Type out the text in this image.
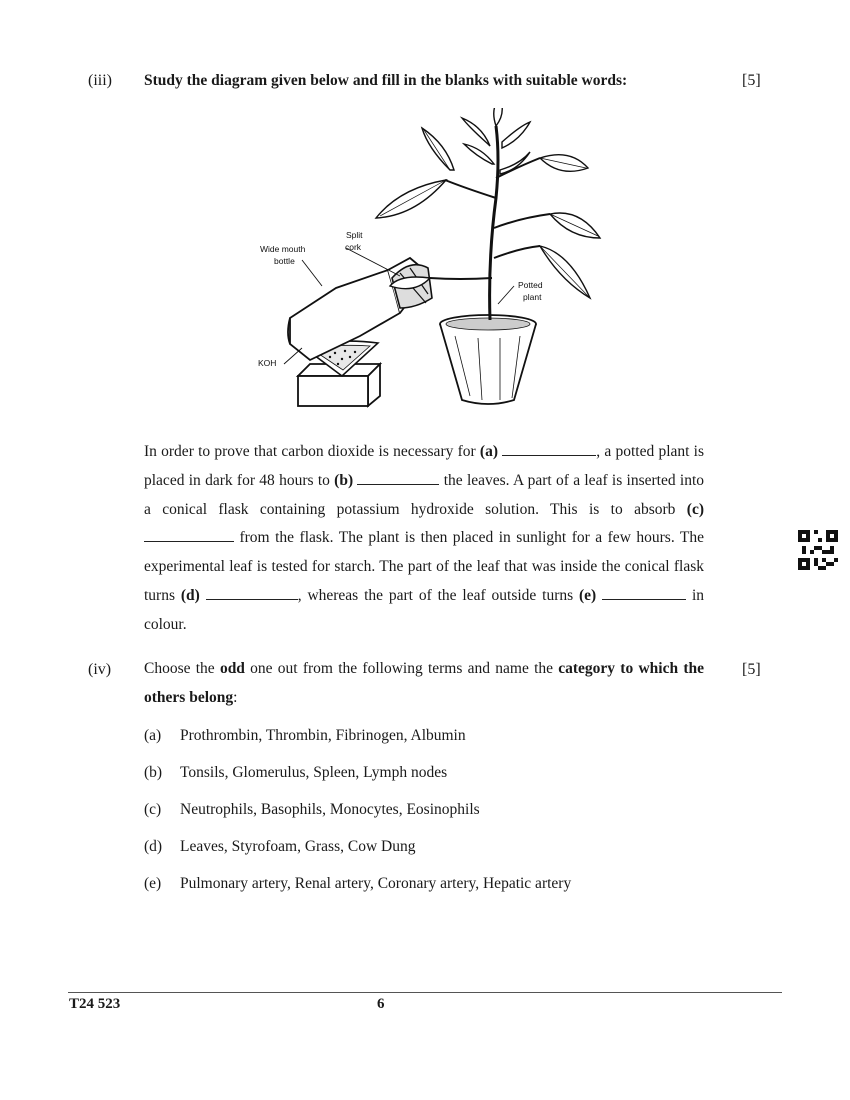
(iii) Study the diagram given below and fill in the blanks with suitable words:	[5]
Split
cork
Wide mouth
bottle
Potted
plant
KOH
In order to prove that carbon dioxide is necessary for (a)	, a potted plant is placed in dark for 48 hours to (b)	the leaves. A part of a leaf is inserted into a conical flask containing potassium hydroxide solution. This is to absorb (c)  from the flask. The plant is then placed in sunlight for a few hours. The experimental leaf is tested for starch. The part of the leaf that was inside the conical flask turns (d)	, whereas the part of the leaf outside turns (e)	in colour.
(iv)	[5]
Choose the odd one out from the following terms and name the category to which the others belong:
(a) Prothrombin, Thrombin, Fibrinogen, Albumin
(b) Tonsils, Glomerulus, Spleen, Lymph nodes
(c) Neutrophils, Basophils, Monocytes, Eosinophils
(d) Leaves, Styrofoam, Grass, Cow Dung
(e) Pulmonary artery, Renal artery, Coronary artery, Hepatic artery
T24 523	6
